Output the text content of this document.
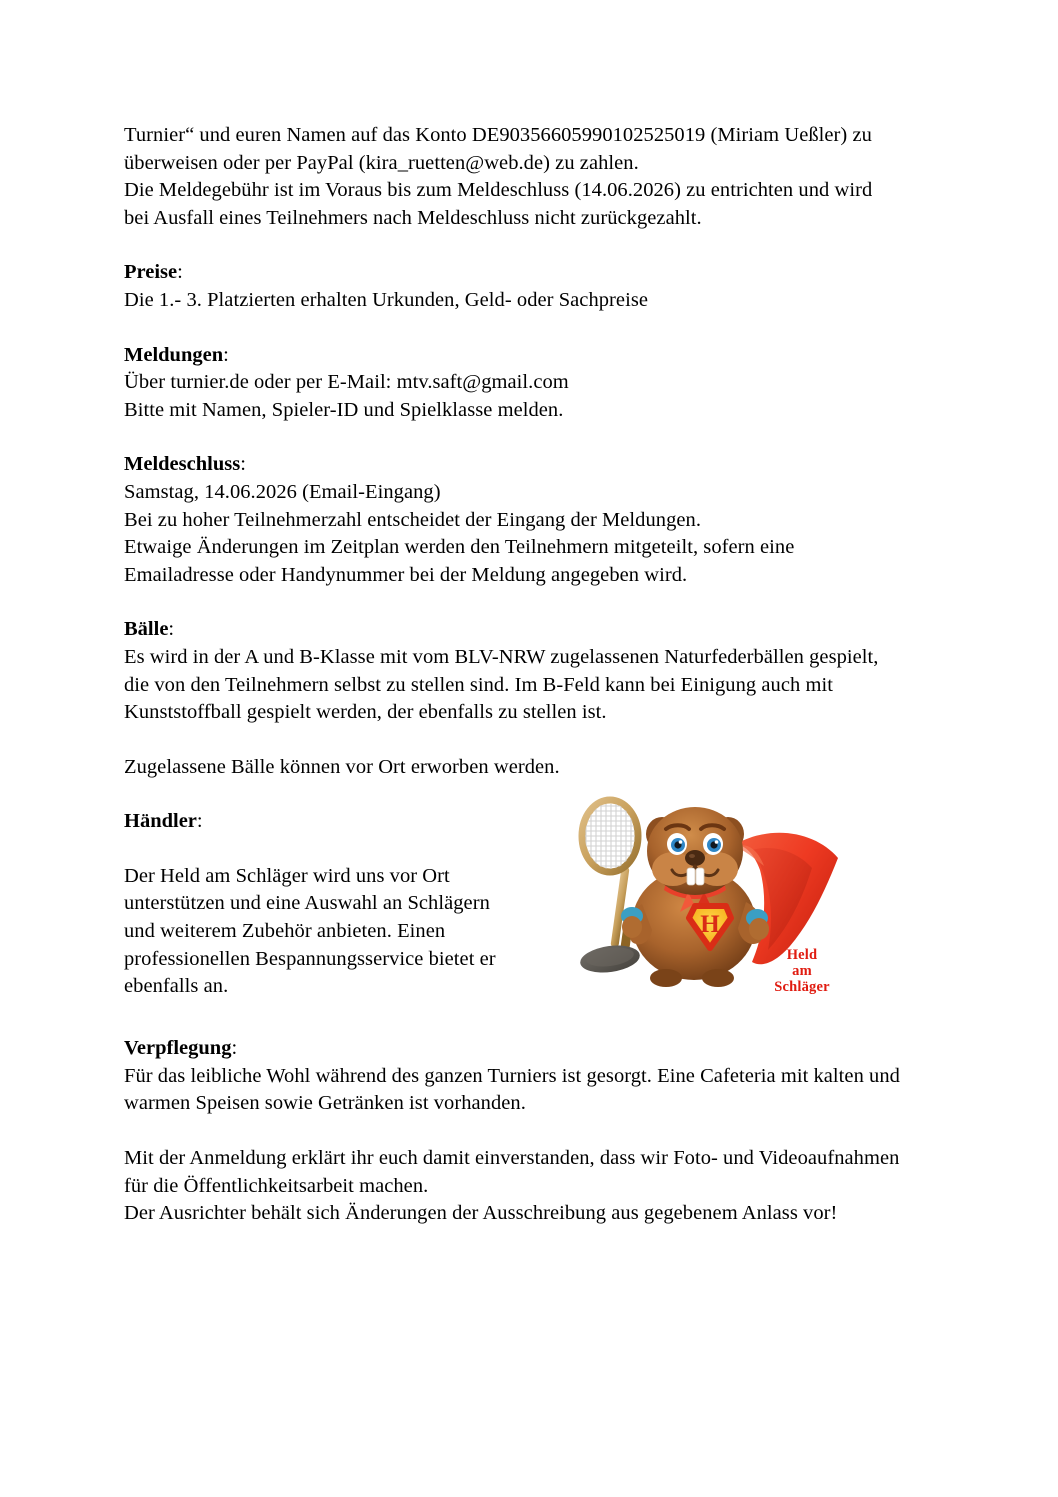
Turnier“ und euren Namen auf das Konto DE90356605990102525019 (Miriam Ueßler) zu

überweisen oder per PayPal (kira_ruetten@web.de) zu zahlen.

Die Meldegebühr ist im Voraus bis zum Meldeschluss (14.06.2026) zu entrichten und wird

bei Ausfall eines Teilnehmers nach Meldeschluss nicht zurückgezahlt.

Preise:

Die 1.- 3. Platzierten erhalten Urkunden, Geld- oder Sachpreise

Meldungen:

Über turnier.de oder per E-Mail: mtv.saft@gmail.com

Bitte mit Namen, Spieler-ID und Spielklasse melden.

Meldeschluss:

Samstag, 14.06.2026 (Email-Eingang)

Bei zu hoher Teilnehmerzahl entscheidet der Eingang der Meldungen.

Etwaige Änderungen im Zeitplan werden den Teilnehmern mitgeteilt, sofern eine

Emailadresse oder Handynummer bei der Meldung angegeben wird.

Bälle:

Es wird in der A und B-Klasse mit vom BLV-NRW zugelassenen Naturfederbällen gespielt,

die von den Teilnehmern selbst zu stellen sind. Im B-Feld kann bei Einigung auch mit

Kunststoffball gespielt werden, der ebenfalls zu stellen ist.

Zugelassene Bälle können vor Ort erworben werden.

Händler:

Der Held am Schläger wird uns vor Ort

unterstützen und eine Auswahl an Schlägern

und weiterem Zubehör anbieten. Einen

professionellen Bespannungsservice bietet er

ebenfalls an.

H
Held
am
Schläger

Verpflegung:

Für das leibliche Wohl während des ganzen Turniers ist gesorgt. Eine Cafeteria mit kalten und

warmen Speisen sowie Getränken ist vorhanden.

Mit der Anmeldung erklärt ihr euch damit einverstanden, dass wir Foto- und Videoaufnahmen

für die Öffentlichkeitsarbeit machen.

Der Ausrichter behält sich Änderungen der Ausschreibung aus gegebenem Anlass vor!
